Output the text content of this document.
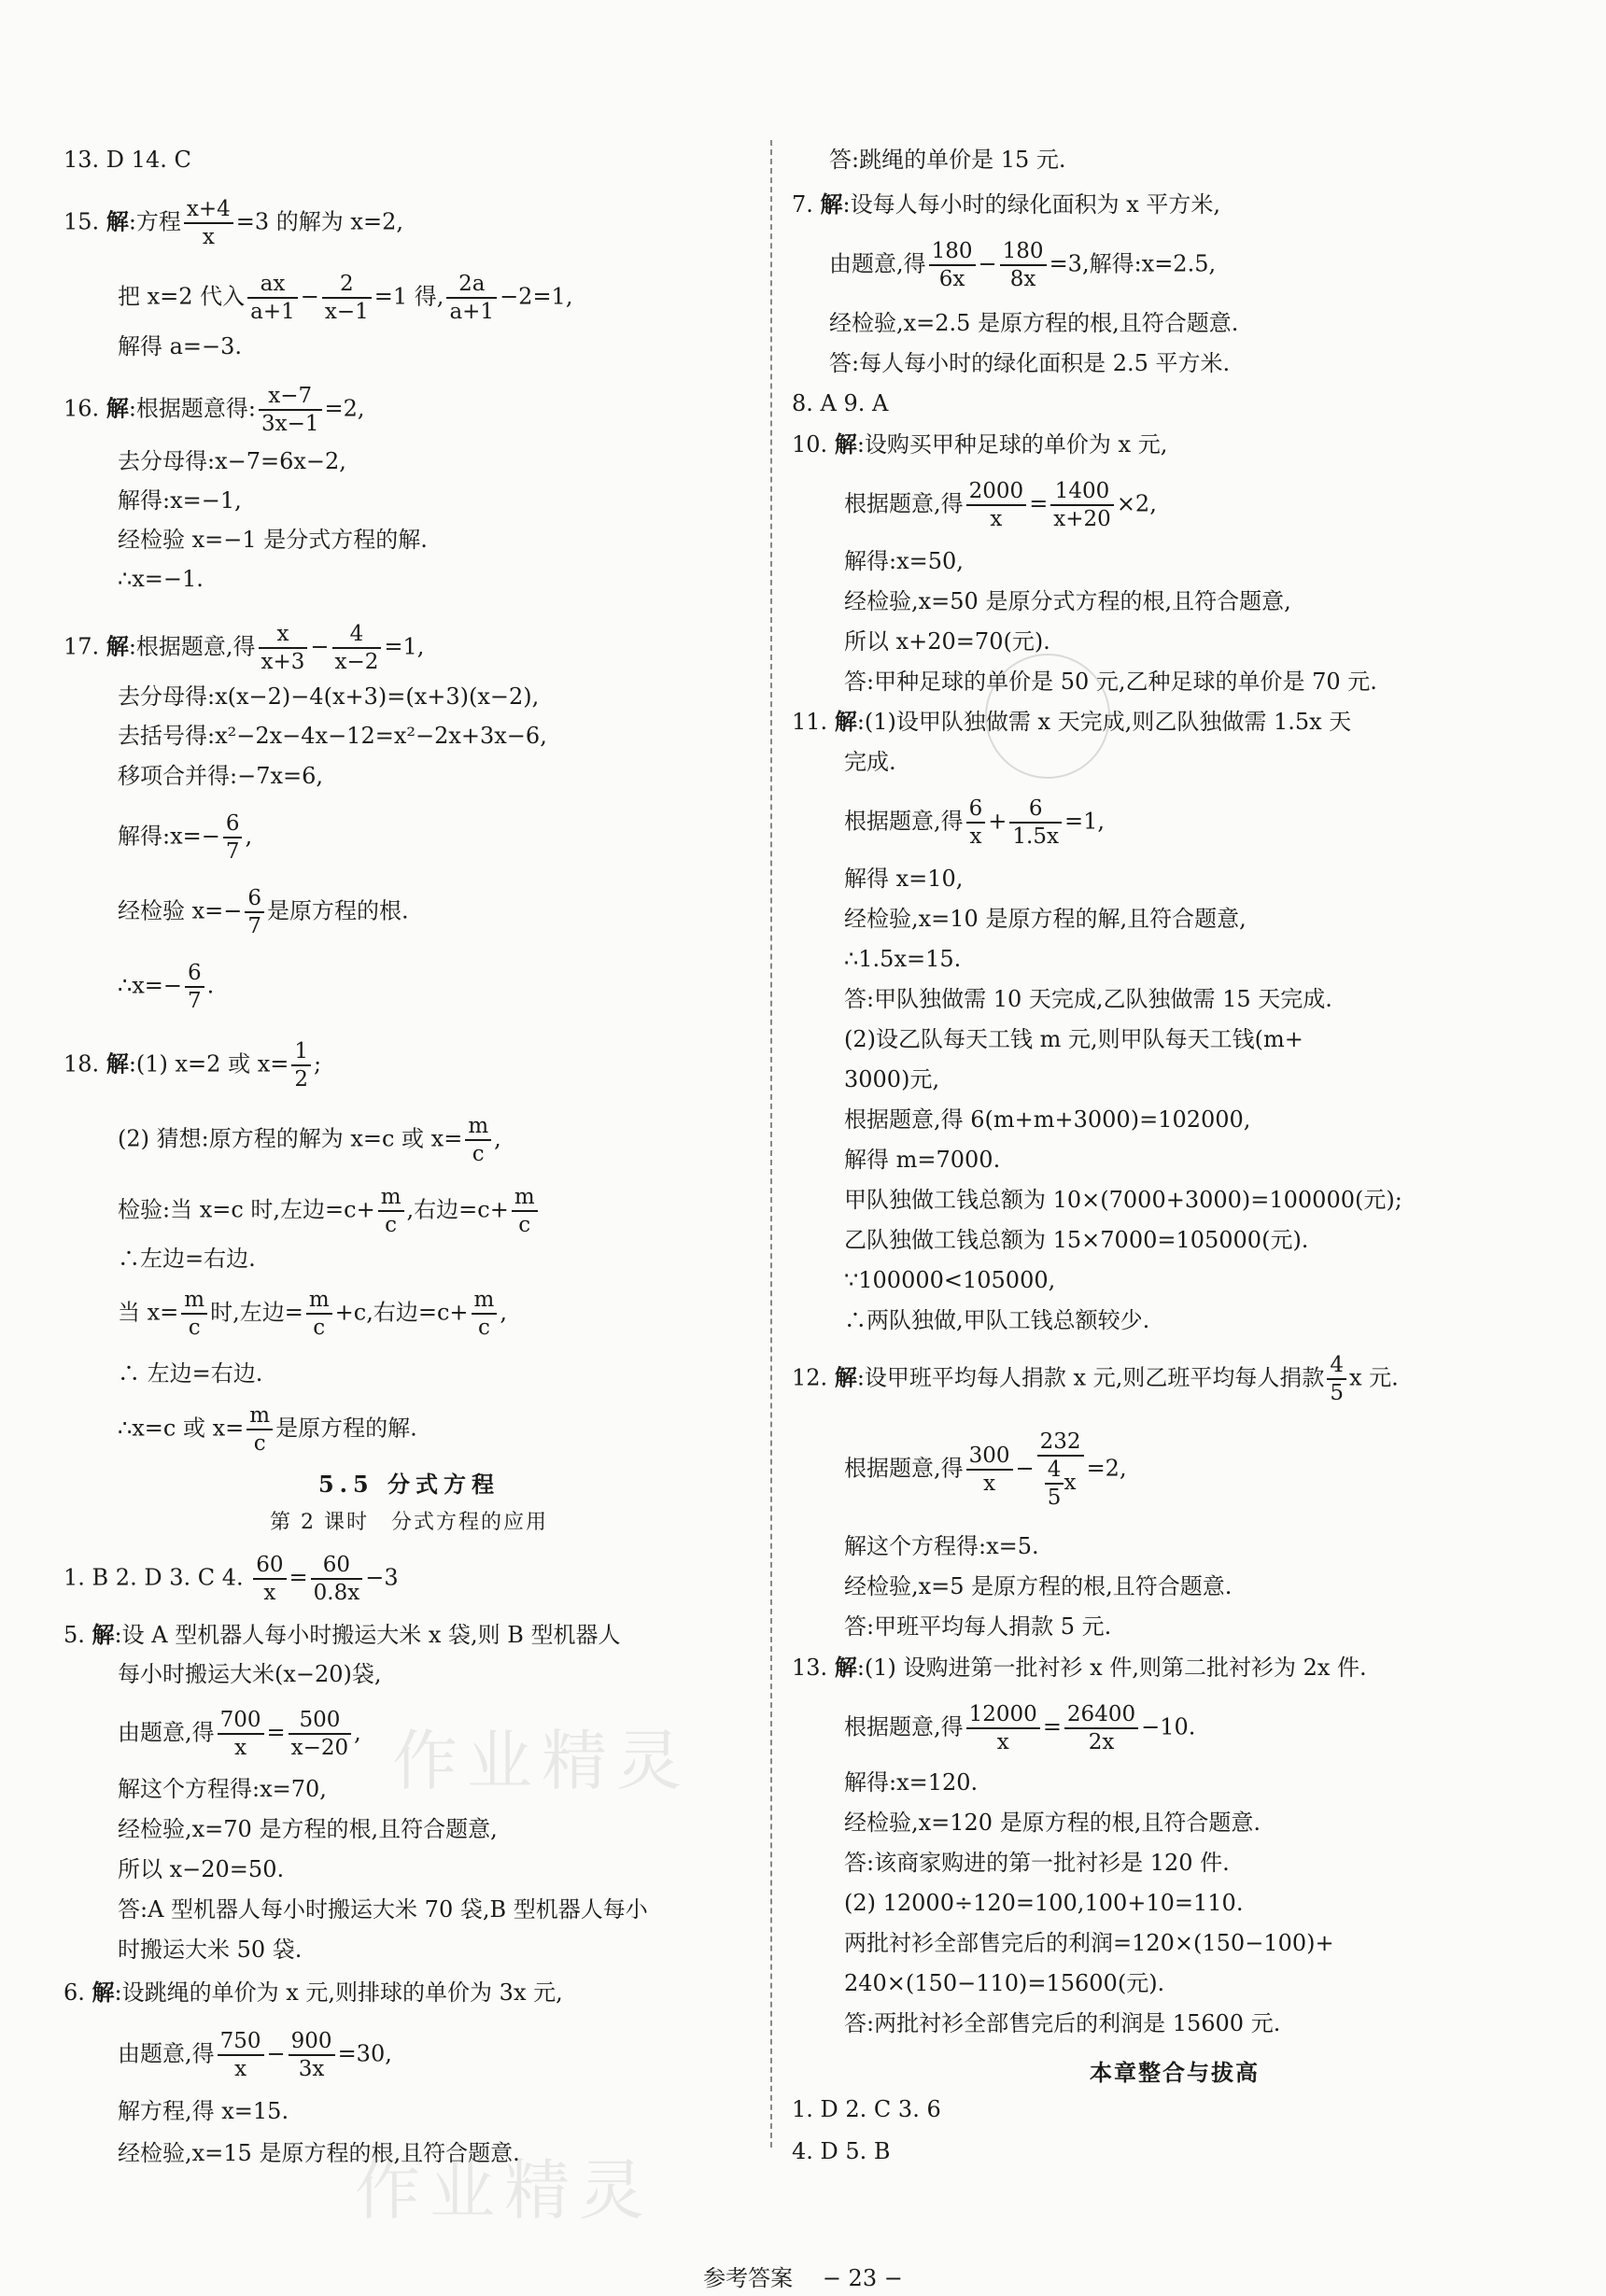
13. D 14. C
15. 解:方程 $\frac{x+4}{x} =3$ 的解为 x=2,
把 x=2 代入 $\frac{ax}{a+1} - \frac{2}{x-1} =1$ 得, $\frac{2a}{a+1} -2=1$,
解得 a=−3.
16. 解:根据题意得: $\frac{x-7}{3x-1} =2$,
去分母得:x−7=6x−2,
解得:x=−1,
经检验 x=−1 是分式方程的解.
∴x=−1.
17. 解:根据题意,得 $\frac{x}{x+3} - \frac{4}{x-2} =1$,
去分母得:x(x−2)−4(x+3)=(x+3)(x−2),
去括号得:x²−2x−4x−12=x²−2x+3x−6,
移项合并得:−7x=6,
解得:x=− $\frac{6}{7}$ ,
经检验 $x=- \frac{6}{7}$ 是原方程的根.
∴x=− $\frac{6}{7}$ .
18. 解:(1) x=2 或 $x= \frac{1}{2}$ ;
(2) 猜想:原方程的解为 x=c 或 $x= \frac{m}{c}$ ,
检验:当 x=c 时,左边$=c+ \frac{m}{c}$ ,右边$=c+ \frac{m}{c}$
∴左边=右边.
当 $x= \frac{m}{c}$ 时,左边= $\frac{m}{c} +c$,右边$=c+ \frac{m}{c}$ ,
∴ 左边=右边.
∴x=c 或 $x= \frac{m}{c}$ 是原方程的解.
5.5 分式方程
第 2 课时　分式方程的应用
1. B 2. D 3. C 4. $\frac{60}{x} = \frac{60}{0.8x} -3$
5. 解:设 A 型机器人每小时搬运大米 x 袋,则 B 型机器人
每小时搬运大米(x−20)袋,
由题意,得 $\frac{700}{x} = \frac{500}{x-20}$ ,
解这个方程得:x=70,
经检验,x=70 是方程的根,且符合题意,
所以 x−20=50.
答:A 型机器人每小时搬运大米 70 袋,B 型机器人每小
时搬运大米 50 袋.
6. 解:设跳绳的单价为 x 元,则排球的单价为 3x 元,
由题意,得 $\frac{750}{x} - \frac{900}{3x} =30$,
解方程,得 x=15.
经检验,x=15 是原方程的根,且符合题意.
答:跳绳的单价是 15 元.
7. 解:设每人每小时的绿化面积为 x 平方米,
由题意,得 $\frac{180}{6x} - \frac{180}{8x} =3$,解得:x=2.5,
经检验,x=2.5 是原方程的根,且符合题意.
答:每人每小时的绿化面积是 2.5 平方米.
8. A 9. A
10. 解:设购买甲种足球的单价为 x 元,
根据题意,得 $\frac{2000}{x} = \frac{1400}{x+20} \times 2$,
解得:x=50,
经检验,x=50 是原分式方程的根,且符合题意,
所以 x+20=70(元).
答:甲种足球的单价是 50 元,乙种足球的单价是 70 元.
11. 解:(1)设甲队独做需 x 天完成,则乙队独做需 1.5x 天
完成.
根据题意,得 $\frac{6}{x} + \frac{6}{1.5x} =1$,
解得 x=10,
经检验,x=10 是原方程的解,且符合题意,
∴1.5x=15.
答:甲队独做需 10 天完成,乙队独做需 15 天完成.
(2)设乙队每天工钱 m 元,则甲队每天工钱(m+
3000)元,
根据题意,得 6(m+m+3000)=102000,
解得 m=7000.
甲队独做工钱总额为 10×(7000+3000)=100000(元);
乙队独做工钱总额为 15×7000=105000(元).
∵100000<105000,
∴两队独做,甲队工钱总额较少.
12. 解:设甲班平均每人捐款 x 元,则乙班平均每人捐款 $\frac{4}{5}$ x 元.
根据题意,得 $\frac{300}{x} - \frac{232}{\frac{4}{5} x} =2$,
解这个方程得:x=5.
经检验,x=5 是原方程的根,且符合题意.
答:甲班平均每人捐款 5 元.
13. 解:(1) 设购进第一批衬衫 x 件,则第二批衬衫为 2x 件.
根据题意,得 $\frac{12000}{x} = \frac{26400}{2x} -10$.
解得:x=120.
经检验,x=120 是原方程的根,且符合题意.
答:该商家购进的第一批衬衫是 120 件.
(2) 12000÷120=100,100+10=110.
两批衬衫全部售完后的利润=120×(150−100)+
240×(150−110)=15600(元).
答:两批衬衫全部售完后的利润是 15600 元.
本章整合与拔高
1. D 2. C 3. 6
4. D 5. B
作业精灵
作业精灵
参考答案 − 23 −
